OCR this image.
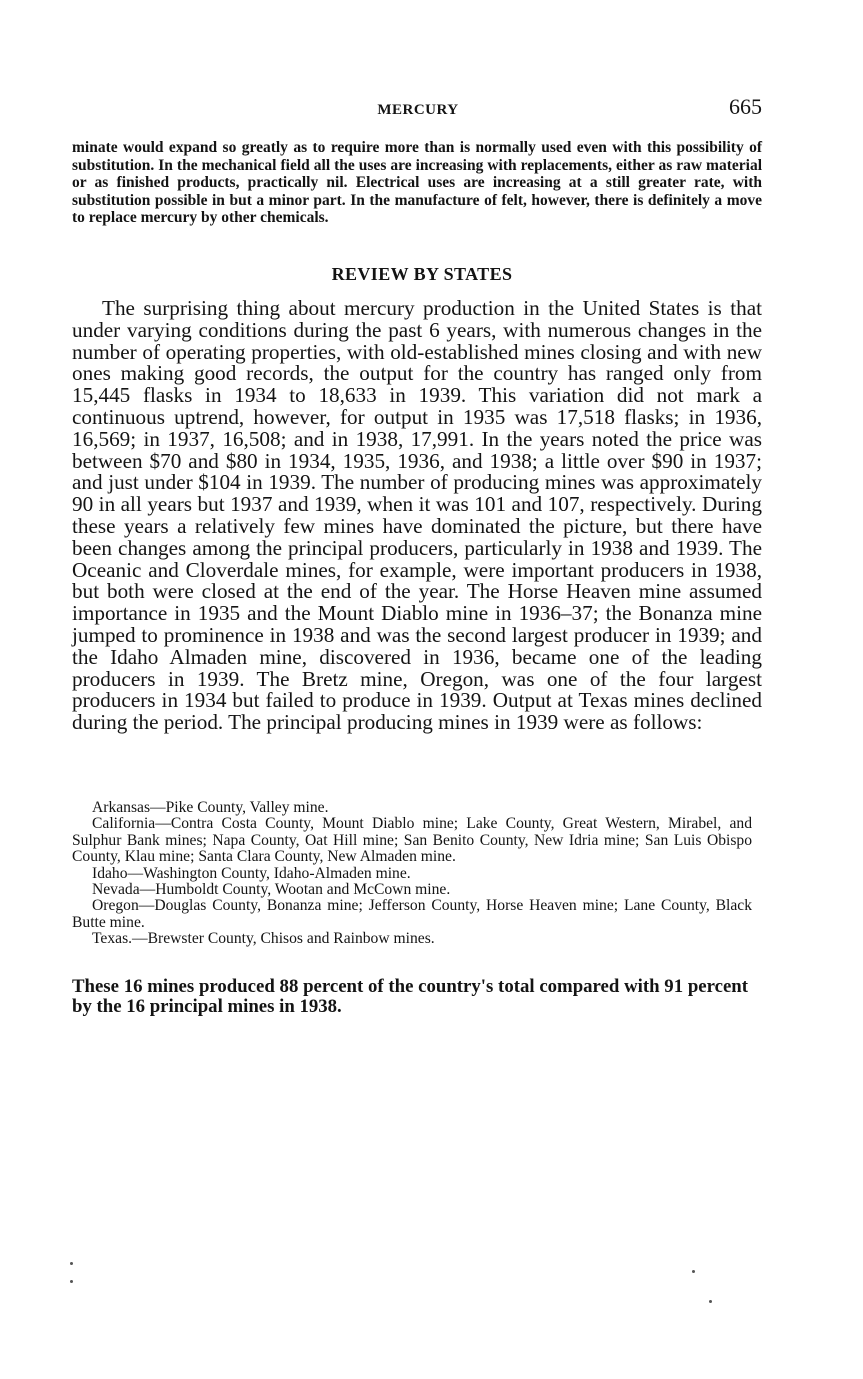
MERCURY	665

minate would expand so greatly as to require more than is normally used even with this possibility of substitution. In the mechanical field all the uses are increasing with replacements, either as raw material or as finished products, practically nil. Electrical uses are increasing at a still greater rate, with substitution possible in but a minor part. In the manufacture of felt, however, there is definitely a move to replace mercury by other chemicals.

REVIEW BY STATES

The surprising thing about mercury production in the United States is that under varying conditions during the past 6 years, with numerous changes in the number of operating properties, with old-established mines closing and with new ones making good records, the output for the country has ranged only from 15,445 flasks in 1934 to 18,633 in 1939. This variation did not mark a continuous uptrend, however, for output in 1935 was 17,518 flasks; in 1936, 16,569; in 1937, 16,508; and in 1938, 17,991. In the years noted the price was between $70 and $80 in 1934, 1935, 1936, and 1938; a little over $90 in 1937; and just under $104 in 1939. The number of producing mines was approximately 90 in all years but 1937 and 1939, when it was 101 and 107, respectively. During these years a relatively few mines have dominated the picture, but there have been changes among the principal producers, particularly in 1938 and 1939. The Oceanic and Cloverdale mines, for example, were important producers in 1938, but both were closed at the end of the year. The Horse Heaven mine assumed importance in 1935 and the Mount Diablo mine in 1936–37; the Bonanza mine jumped to prominence in 1938 and was the second largest producer in 1939; and the Idaho Almaden mine, discovered in 1936, became one of the leading producers in 1939. The Bretz mine, Oregon, was one of the four largest producers in 1934 but failed to produce in 1939. Output at Texas mines declined during the period. The principal producing mines in 1939 were as follows:

Arkansas—Pike County, Valley mine.
California—Contra Costa County, Mount Diablo mine; Lake County, Great Western, Mirabel, and Sulphur Bank mines; Napa County, Oat Hill mine; San Benito County, New Idria mine; San Luis Obispo County, Klau mine; Santa Clara County, New Almaden mine.
Idaho—Washington County, Idaho-Almaden mine.
Nevada—Humboldt County, Wootan and McCown mine.
Oregon—Douglas County, Bonanza mine; Jefferson County, Horse Heaven mine; Lane County, Black Butte mine.
Texas.—Brewster County, Chisos and Rainbow mines.

These 16 mines produced 88 percent of the country's total compared with 91 percent by the 16 principal mines in 1938.
